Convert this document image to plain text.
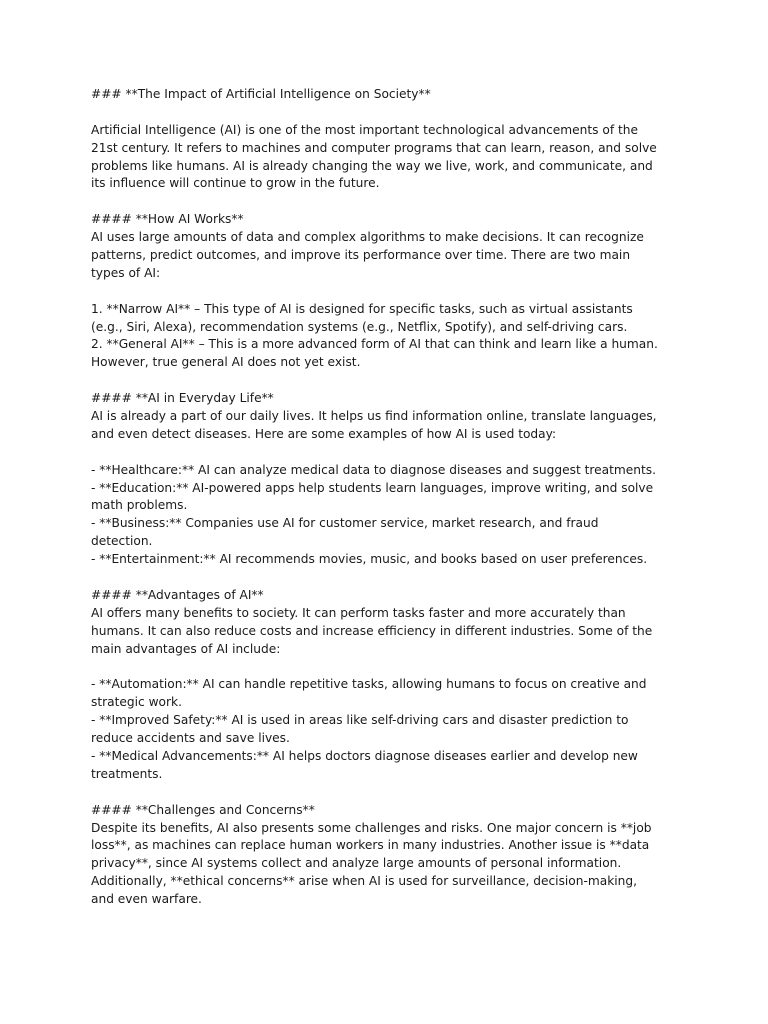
### **The Impact of Artificial Intelligence on Society**
Artificial Intelligence (AI) is one of the most important technological advancements of the
21st century. It refers to machines and computer programs that can learn, reason, and solve
problems like humans. AI is already changing the way we live, work, and communicate, and
its influence will continue to grow in the future.
#### **How AI Works**
AI uses large amounts of data and complex algorithms to make decisions. It can recognize
patterns, predict outcomes, and improve its performance over time. There are two main
types of AI:
1. **Narrow AI** – This type of AI is designed for specific tasks, such as virtual assistants
(e.g., Siri, Alexa), recommendation systems (e.g., Netflix, Spotify), and self-driving cars.
2. **General AI** – This is a more advanced form of AI that can think and learn like a human.
However, true general AI does not yet exist.
#### **AI in Everyday Life**
AI is already a part of our daily lives. It helps us find information online, translate languages,
and even detect diseases. Here are some examples of how AI is used today:
- **Healthcare:** AI can analyze medical data to diagnose diseases and suggest treatments.
- **Education:** AI-powered apps help students learn languages, improve writing, and solve
math problems.
- **Business:** Companies use AI for customer service, market research, and fraud
detection.
- **Entertainment:** AI recommends movies, music, and books based on user preferences.
#### **Advantages of AI**
AI offers many benefits to society. It can perform tasks faster and more accurately than
humans. It can also reduce costs and increase efficiency in different industries. Some of the
main advantages of AI include:
- **Automation:** AI can handle repetitive tasks, allowing humans to focus on creative and
strategic work.
- **Improved Safety:** AI is used in areas like self-driving cars and disaster prediction to
reduce accidents and save lives.
- **Medical Advancements:** AI helps doctors diagnose diseases earlier and develop new
treatments.
#### **Challenges and Concerns**
Despite its benefits, AI also presents some challenges and risks. One major concern is **job
loss**, as machines can replace human workers in many industries. Another issue is **data
privacy**, since AI systems collect and analyze large amounts of personal information.
Additionally, **ethical concerns** arise when AI is used for surveillance, decision-making,
and even warfare.
